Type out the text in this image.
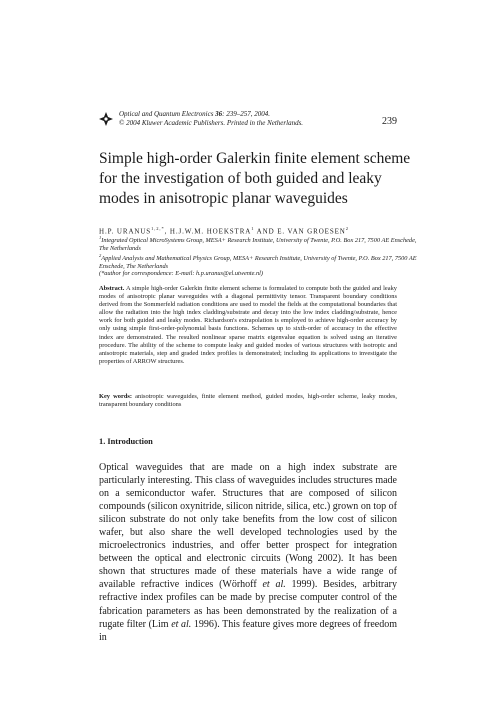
Optical and Quantum Electronics 36: 239–257, 2004.
© 2004 Kluwer Academic Publishers. Printed in the Netherlands.	239
Simple high-order Galerkin finite element scheme for the investigation of both guided and leaky modes in anisotropic planar waveguides
H.P. $URANUS^{1,2,*}$, H.J.W.M. HOEKSTRA$^1$ AND E. VAN GROESEN$^2$
$^1$Integrated Optical MicroSystems Group, MESA+ Research Institute, University of Twente, P.O. Box 217, 7500 AE Enschede, The Netherlands
$^2$Applied Analysis and Mathematical Physics Group, MESA+ Research Institute, University of Twente, P.O. Box 217, 7500 AE Enschede, The Netherlands
(*author for correspondence: E-mail: h.p.uranus@el.utwente.nl)
Abstract. A simple high-order Galerkin finite element scheme is formulated to compute both the guided and leaky modes of anisotropic planar waveguides with a diagonal permittivity tensor. Transparent boundary conditions derived from the Sommerfeld radiation conditions are used to model the fields at the computational boundaries that allow the radiation into the high index cladding/substrate and decay into the low index cladding/substrate, hence work for both guided and leaky modes. Richardson's extrapolation is employed to achieve high-order accuracy by only using simple first-order-polynomial basis functions. Schemes up to sixth-order of accuracy in the effective index are demonstrated. The resulted nonlinear sparse matrix eigenvalue equation is solved using an iterative procedure. The ability of the scheme to compute leaky and guided modes of various structures with isotropic and anisotropic materials, step and graded index profiles is demonstrated; including its applications to investigate the properties of ARROW structures.
Key words: anisotropic waveguides, finite element method, guided modes, high-order scheme, leaky modes, transparent boundary conditions
1. Introduction
Optical waveguides that are made on a high index substrate are particularly interesting. This class of waveguides includes structures made on a semiconductor wafer. Structures that are composed of silicon compounds (silicon oxynitride, silicon nitride, silica, etc.) grown on top of silicon substrate do not only take benefits from the low cost of silicon wafer, but also share the well developed technologies used by the microelectronics industries, and offer better prospect for integration between the optical and electronic circuits (Wong 2002). It has been shown that structures made of these materials have a wide range of available refractive indices (Wörhoff et al. 1999). Besides, arbitrary refractive index profiles can be made by precise computer control of the fabrication parameters as has been demonstrated by the realization of a rugate filter (Lim et al. 1996). This feature gives more degrees of freedom in
